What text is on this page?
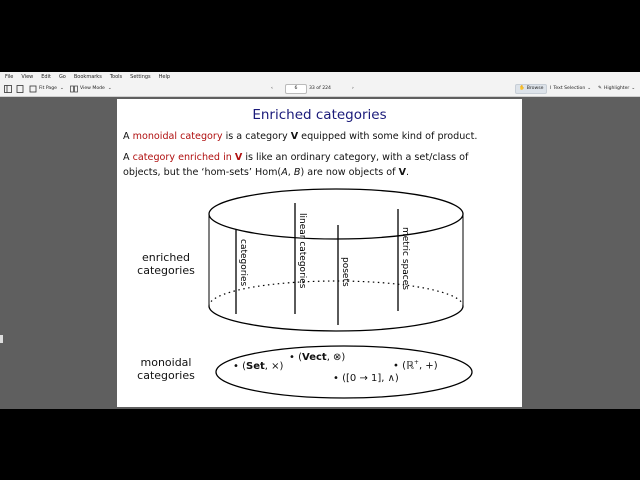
File View Edit Go Bookmarks Tools Settings Help
Fit Page ⌄	View Mode ⌄	‹	6	33 of 224	›	✋ Browse I Text Selection ⌄ ✎ Highlighter ⌄
Enriched categories
A monoidal category is a category V equipped with some kind of product.
A category enriched in V is like an ordinary category, with a set/class of
objects, but the ‘hom-sets’ Hom(A, B) are now objects of V.
categories	linear categories	posets	metric spaces
enriched
categories
monoidal
categories
• (Set, ×)
• (Vect, ⊗)
• (ℝ+, +)
• ([0 → 1], ∧)
